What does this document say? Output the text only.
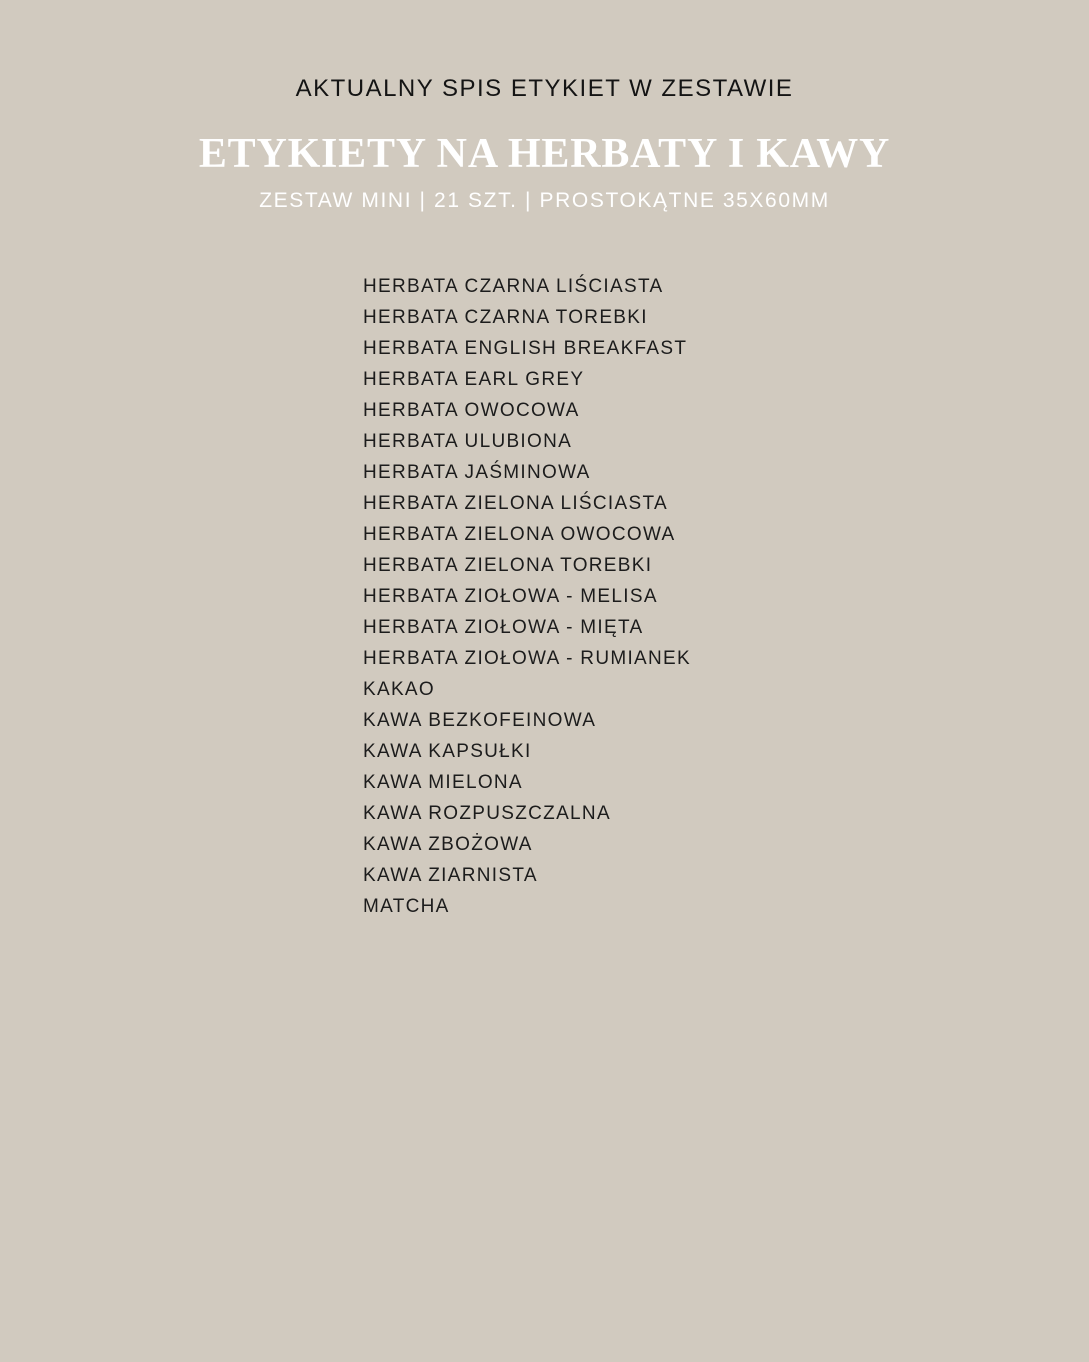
AKTUALNY SPIS ETYKIET W ZESTAWIE

ETYKIETY NA HERBATY I KAWY

ZESTAW MINI | 21 SZT. | PROSTOKĄTNE 35X60MM

HERBATA CZARNA LIŚCIASTA
HERBATA CZARNA TOREBKI
HERBATA ENGLISH BREAKFAST
HERBATA EARL GREY
HERBATA OWOCOWA
HERBATA ULUBIONA
HERBATA JAŚMINOWA
HERBATA ZIELONA LIŚCIASTA
HERBATA ZIELONA OWOCOWA
HERBATA ZIELONA TOREBKI
HERBATA ZIOŁOWA - MELISA
HERBATA ZIOŁOWA - MIĘTA
HERBATA ZIOŁOWA - RUMIANEK
KAKAO
KAWA BEZKOFEINOWA
KAWA KAPSUŁKI
KAWA MIELONA
KAWA ROZPUSZCZALNA
KAWA ZBOŻOWA
KAWA ZIARNISTA
MATCHA
